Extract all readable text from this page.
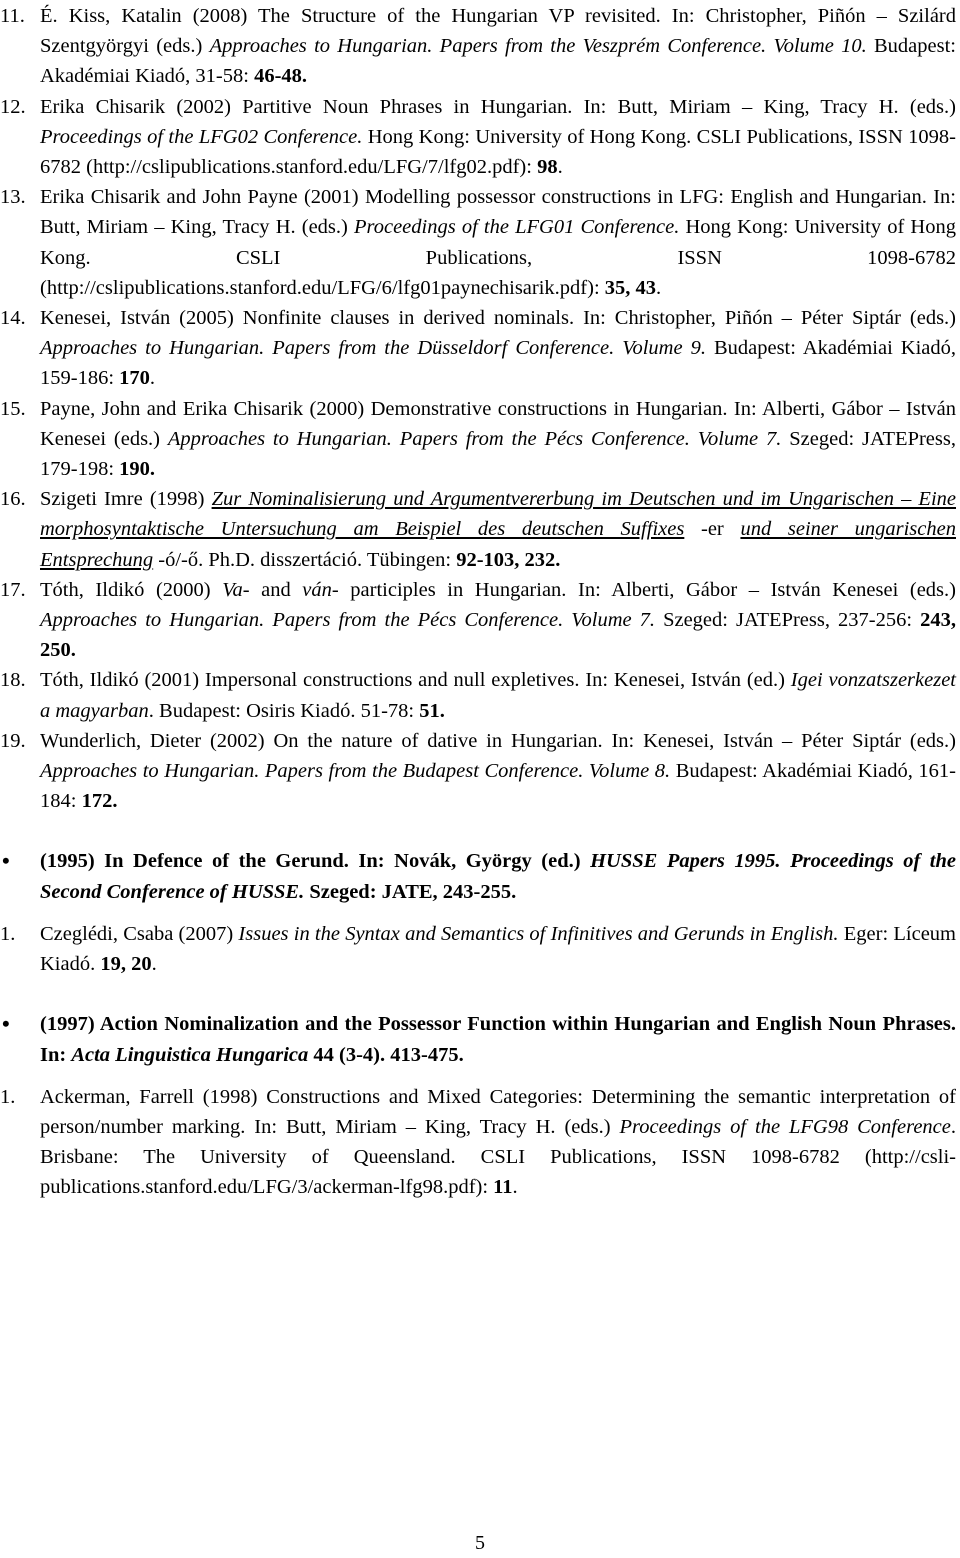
11. É. Kiss, Katalin (2008) The Structure of the Hungarian VP revisited. In: Christopher, Piñón – Szilárd Szentgyörgyi (eds.) Approaches to Hungarian. Papers from the Veszprém Conference. Volume 10. Budapest: Akadémiai Kiadó, 31-58: 46-48.
12. Erika Chisarik (2002) Partitive Noun Phrases in Hungarian. In: Butt, Miriam – King, Tracy H. (eds.) Proceedings of the LFG02 Conference. Hong Kong: University of Hong Kong. CSLI Publications, ISSN 1098-6782 (http://cslipublications.stanford.edu/LFG/7/lfg02.pdf): 98.
13. Erika Chisarik and John Payne (2001) Modelling possessor constructions in LFG: English and Hungarian. In: Butt, Miriam – King, Tracy H. (eds.) Proceedings of the LFG01 Conference. Hong Kong: University of Hong Kong. CSLI Publications, ISSN 1098-6782 (http://cslipublications.stanford.edu/LFG/6/lfg01paynechisarik.pdf): 35, 43.
14. Kenesei, István (2005) Nonfinite clauses in derived nominals. In: Christopher, Piñón – Péter Siptár (eds.) Approaches to Hungarian. Papers from the Düsseldorf Conference. Volume 9. Budapest: Akadémiai Kiadó, 159-186: 170.
15. Payne, John and Erika Chisarik (2000) Demonstrative constructions in Hungarian. In: Alberti, Gábor – István Kenesei (eds.) Approaches to Hungarian. Papers from the Pécs Conference. Volume 7. Szeged: JATEPress, 179-198: 190.
16. Szigeti Imre (1998) Zur Nominalisierung und Argumentvererbung im Deutschen und im Ungarischen – Eine morphosyntaktische Untersuchung am Beispiel des deutschen Suffixes -er und seiner ungarischen Entsprechung -ó/-ő. Ph.D. disszertáció. Tübingen: 92-103, 232.
17. Tóth, Ildikó (2000) Va- and ván- participles in Hungarian. In: Alberti, Gábor – István Kenesei (eds.) Approaches to Hungarian. Papers from the Pécs Conference. Volume 7. Szeged: JATEPress, 237-256: 243, 250.
18. Tóth, Ildikó (2001) Impersonal constructions and null expletives. In: Kenesei, István (ed.) Igei vonzatszerkezet a magyarban. Budapest: Osiris Kiadó. 51-78: 51.
19. Wunderlich, Dieter (2002) On the nature of dative in Hungarian. In: Kenesei, István – Péter Siptár (eds.) Approaches to Hungarian. Papers from the Budapest Conference. Volume 8. Budapest: Akadémiai Kiadó, 161-184: 172.
• (1995) In Defence of the Gerund. In: Novák, György (ed.) HUSSE Papers 1995. Proceedings of the Second Conference of HUSSE. Szeged: JATE, 243-255.
1. Czeglédi, Csaba (2007) Issues in the Syntax and Semantics of Infinitives and Gerunds in English. Eger: Líceum Kiadó. 19, 20.
• (1997) Action Nominalization and the Possessor Function within Hungarian and English Noun Phrases. In: Acta Linguistica Hungarica 44 (3-4). 413-475.
1. Ackerman, Farrell (1998) Constructions and Mixed Categories: Determining the semantic interpretation of person/number marking. In: Butt, Miriam – King, Tracy H. (eds.) Proceedings of the LFG98 Conference. Brisbane: The University of Queensland. CSLI Publications, ISSN 1098-6782 (http://csli-publications.stanford.edu/LFG/3/ackerman-lfg98.pdf): 11.
5
